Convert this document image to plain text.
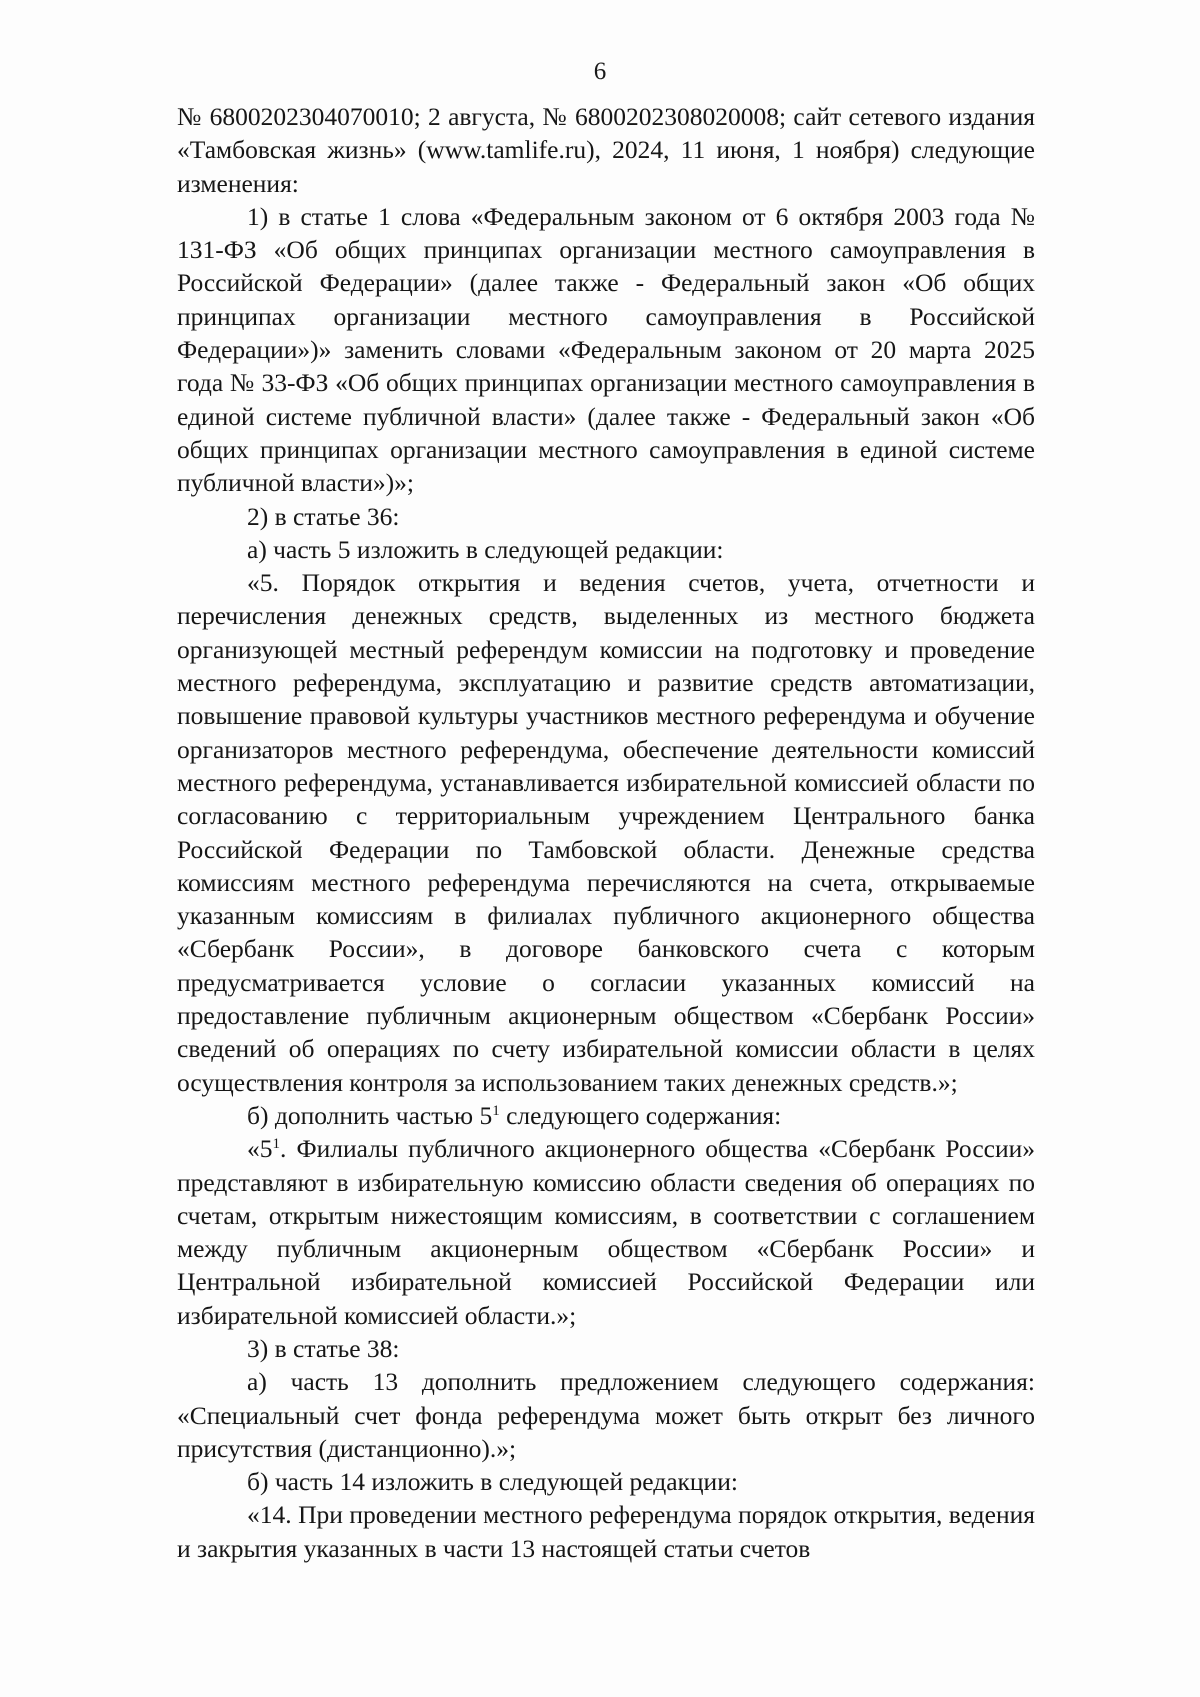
6

№ 6800202304070010; 2 августа, № 6800202308020008; сайт сетевого издания «Тамбовская жизнь» (www.tamlife.ru), 2024, 11 июня, 1 ноября) следующие изменения:

1) в статье 1 слова «Федеральным законом от 6 октября 2003 года № 131-ФЗ «Об общих принципах организации местного самоуправления в Российской Федерации» (далее также - Федеральный закон «Об общих принципах организации местного самоуправления в Российской Федерации»)» заменить словами «Федеральным законом от 20 марта 2025 года № 33-ФЗ «Об общих принципах организации местного самоуправления в единой системе публичной власти» (далее также - Федеральный закон «Об общих принципах организации местного самоуправления в единой системе публичной власти»)»;

2) в статье 36:

а) часть 5 изложить в следующей редакции:

«5. Порядок открытия и ведения счетов, учета, отчетности и перечисления денежных средств, выделенных из местного бюджета организующей местный референдум комиссии на подготовку и проведение местного референдума, эксплуатацию и развитие средств автоматизации, повышение правовой культуры участников местного референдума и обучение организаторов местного референдума, обеспечение деятельности комиссий местного референдума, устанавливается избирательной комиссией области по согласованию с территориальным учреждением Центрального банка Российской Федерации по Тамбовской области. Денежные средства комиссиям местного референдума перечисляются на счета, открываемые указанным комиссиям в филиалах публичного акционерного общества «Сбербанк России», в договоре банковского счета с которым предусматривается условие о согласии указанных комиссий на предоставление публичным акционерным обществом «Сбербанк России» сведений об операциях по счету избирательной комиссии области в целях осуществления контроля за использованием таких денежных средств.»;

б) дополнить частью $5^1$ следующего содержания:

«$5^1$. Филиалы публичного акционерного общества «Сбербанк России» представляют в избирательную комиссию области сведения об операциях по счетам, открытым нижестоящим комиссиям, в соответствии с соглашением между публичным акционерным обществом «Сбербанк России» и Центральной избирательной комиссией Российской Федерации или избирательной комиссией области.»;

3) в статье 38:

а) часть 13 дополнить предложением следующего содержания: «Специальный счет фонда референдума может быть открыт без личного присутствия (дистанционно).»;

б) часть 14 изложить в следующей редакции:

«14. При проведении местного референдума порядок открытия, ведения и закрытия указанных в части 13 настоящей статьи счетов
